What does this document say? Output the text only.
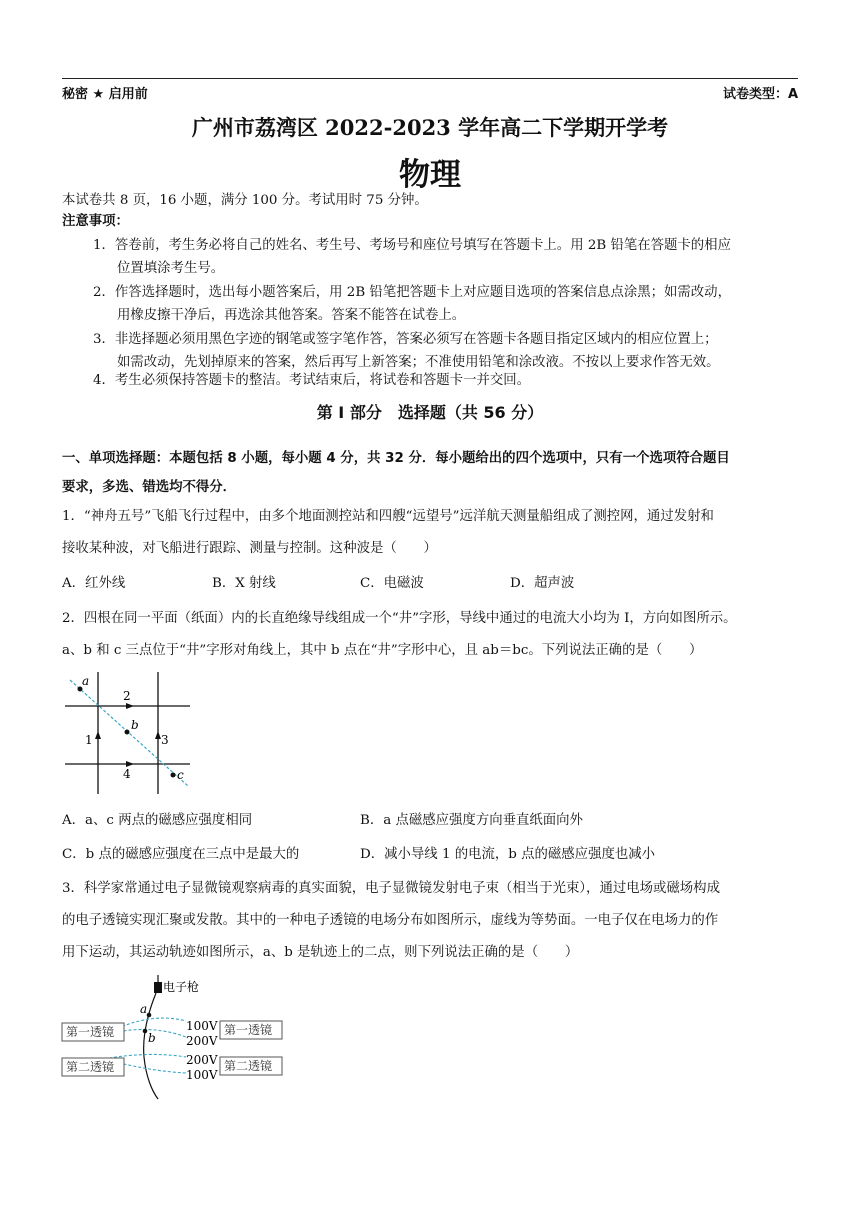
秘密 ★ 启用前	试卷类型：A
广州市荔湾区 2022-2023 学年高二下学期开学考
物理
本试卷共 8 页，16 小题，满分 100 分。考试用时 75 分钟。
注意事项：
1．答卷前，考生务必将自己的姓名、考生号、考场号和座位号填写在答题卡上。用 2B 铅笔在答题卡的相应
位置填涂考生号。
2．作答选择题时，选出每小题答案后，用 2B 铅笔把答题卡上对应题目选项的答案信息点涂黑；如需改动，
用橡皮擦干净后，再选涂其他答案。答案不能答在试卷上。
3．非选择题必须用黑色字迹的钢笔或签字笔作答，答案必须写在答题卡各题目指定区域内的相应位置上；
如需改动，先划掉原来的答案，然后再写上新答案；不准使用铅笔和涂改液。不按以上要求作答无效。
4．考生必须保持答题卡的整洁。考试结束后，将试卷和答题卡一并交回。
第 Ⅰ 部分　选择题（共 56 分）
一、单项选择题：本题包括 8 小题，每小题 4 分，共 32 分．每小题给出的四个选项中，只有一个选项符合题目
要求，多选、错选均不得分．
1．“神舟五号”飞船飞行过程中，由多个地面测控站和四艘“远望号”远洋航天测量船组成了测控网，通过发射和
接收某种波，对飞船进行跟踪、测量与控制。这种波是（　　）
A．红外线	B．X 射线	C．电磁波	D．超声波
2．四根在同一平面（纸面）内的长直绝缘导线组成一个“井”字形，导线中通过的电流大小均为 I，方向如图所示。
a、b 和 c 三点位于“井”字形对角线上，其中 b 点在“井”字形中心，且 ab＝bc。下列说法正确的是（　　）
a
b
c
1
2
3
4
A．a、c 两点的磁感应强度相同	B．a 点磁感应强度方向垂直纸面向外
C．b 点的磁感应强度在三点中是最大的	D．减小导线 1 的电流，b 点的磁感应强度也减小
3．科学家常通过电子显微镜观察病毒的真实面貌，电子显微镜发射电子束（相当于光束），通过电场或磁场构成
的电子透镜实现汇聚或发散。其中的一种电子透镜的电场分布如图所示，虚线为等势面。一电子仅在电场力的作
用下运动，其运动轨迹如图所示，a、b 是轨迹上的二点，则下列说法正确的是（　　）
电子枪
a
b
第一透镜
第二透镜
100V
200V
200V
100V
第一透镜
第二透镜
